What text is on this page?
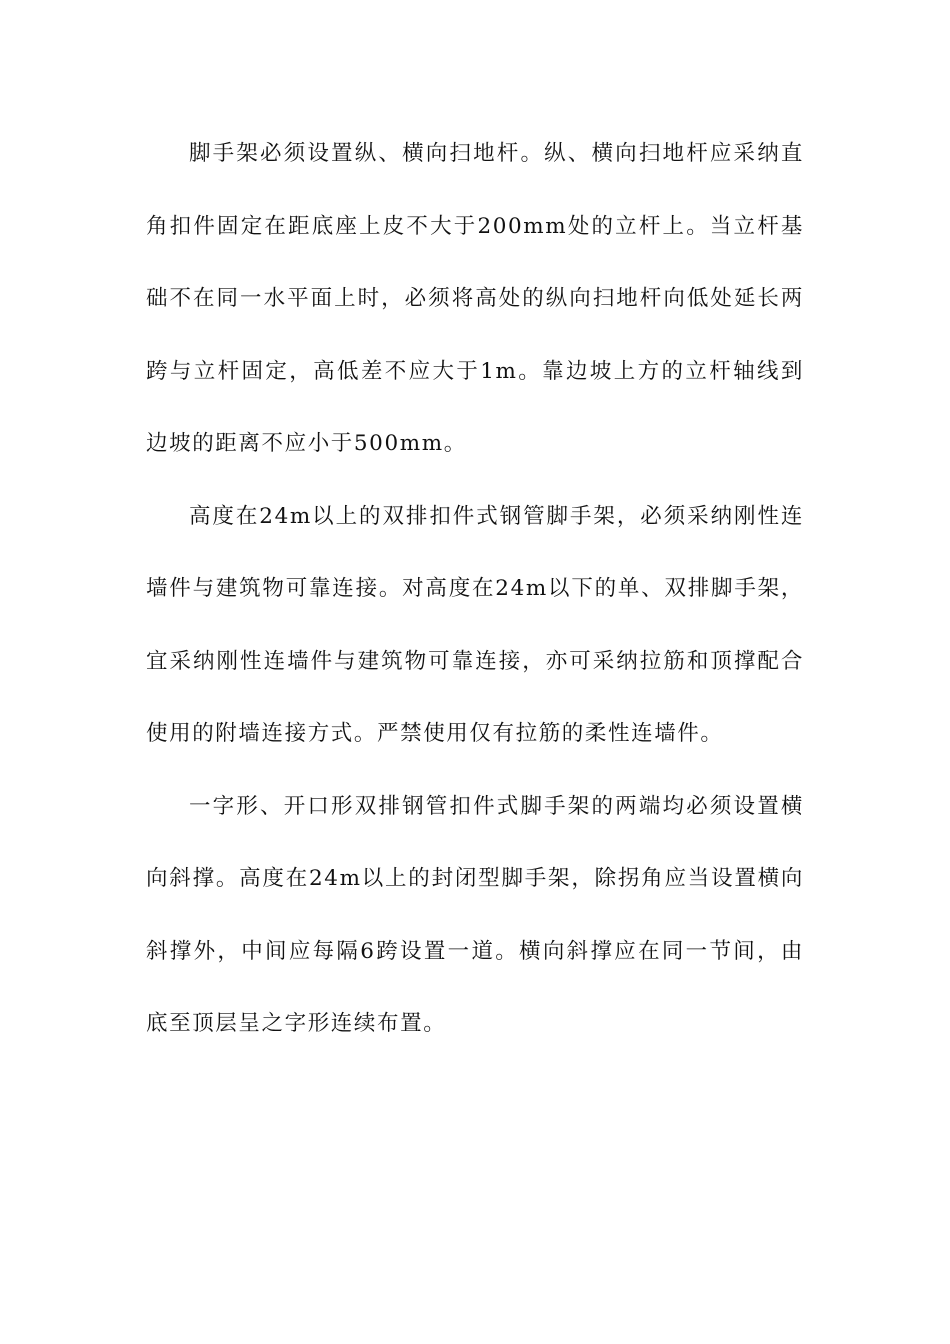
脚手架必须设置纵、横向扫地杆。纵、横向扫地杆应采纳直角扣件固定在距底座上皮不大于200mm处的立杆上。当立杆基础不在同一水平面上时，必须将高处的纵向扫地杆向低处延长两跨与立杆固定，高低差不应大于1m。靠边坡上方的立杆轴线到边坡的距离不应小于500mm。

高度在24m以上的双排扣件式钢管脚手架，必须采纳刚性连墙件与建筑物可靠连接。对高度在24m以下的单、双排脚手架，宜采纳刚性连墙件与建筑物可靠连接，亦可采纳拉筋和顶撑配合使用的附墙连接方式。严禁使用仅有拉筋的柔性连墙件。

一字形、开口形双排钢管扣件式脚手架的两端均必须设置横向斜撑。高度在24m以上的封闭型脚手架，除拐角应当设置横向斜撑外，中间应每隔6跨设置一道。横向斜撑应在同一节间，由底至顶层呈之字形连续布置。
